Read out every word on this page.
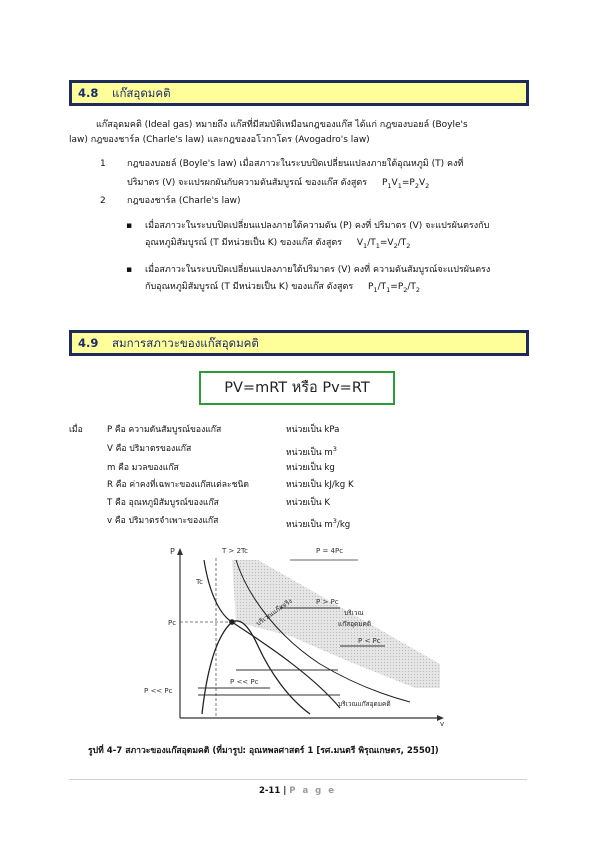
4.8 แก๊สอุดมคติ
แก๊สอุดมคติ (Ideal gas) หมายถึง แก๊สที่มีสมบัติเหมือนกฎของแก๊ส ได้แก่ กฎของบอยล์ (Boyle's
law) กฎของชาร์ล (Charle's law) และกฎของอโวกาโดร (Avogadro's law)
1 กฎของบอยล์ (Boyle's law) เมื่อสภาวะในระบบปิดเปลี่ยนแปลงภายใต้อุณหภูมิ (T) คงที่
ปริมาตร (V) จะแปรผกผันกับความดันสัมบูรณ์ ของแก๊ส ดังสูตร $P_1V_1=P_2V_2$
2 กฎของชาร์ล (Charle's law)
▪ เมื่อสภาวะในระบบปิดเปลี่ยนแปลงภายใต้ความดัน (P) คงที่ ปริมาตร (V) จะแปรผันตรงกับ
อุณหภูมิสัมบูรณ์ (T มีหน่วยเป็น K) ของแก๊ส ดังสูตร $V_1/T_1=V_2/T_2$
▪ เมื่อสภาวะในระบบปิดเปลี่ยนแปลงภายใต้ปริมาตร (V) คงที่ ความดันสัมบูรณ์จะแปรผันตรง
กับอุณหภูมิสัมบูรณ์ (T มีหน่วยเป็น K) ของแก๊ส ดังสูตร $P_1/T_1=P_2/T_2$
4.9 สมการสภาวะของแก๊สอุดมคติ
PV=mRT หรือ Pv=RT
เมื่อ	P คือ ความดันสัมบูรณ์ของแก๊ส	หน่วยเป็น kPa
V คือ ปริมาตรของแก๊ส	หน่วยเป็น $m^3$
m คือ มวลของแก๊ส	หน่วยเป็น kg
R คือ ค่าคงที่เฉพาะของแก๊สแต่ละชนิด	หน่วยเป็น kJ/kg K
T คือ อุณหภูมิสัมบูรณ์ของแก๊ส	หน่วยเป็น K
v คือ ปริมาตรจำเพาะของแก๊ส	หน่วยเป็น $m^3/kg$
P
v
Pc
T > 2Tc	P = 4Pc
Tc
P > Pc
P < Pc
P << Pc
P << Pc
บริเวณแก๊สจริง	บริเวณ
แก๊สอุดมคติ
บริเวณแก๊สอุดมคติ
รูปที่ 4-7 สภาวะของแก๊สอุดมคติ (ที่มารูป: อุณหพลศาสตร์ 1 [รศ.มนตรี พิรุณเกษตร, 2550])
2-11 | P a g e
